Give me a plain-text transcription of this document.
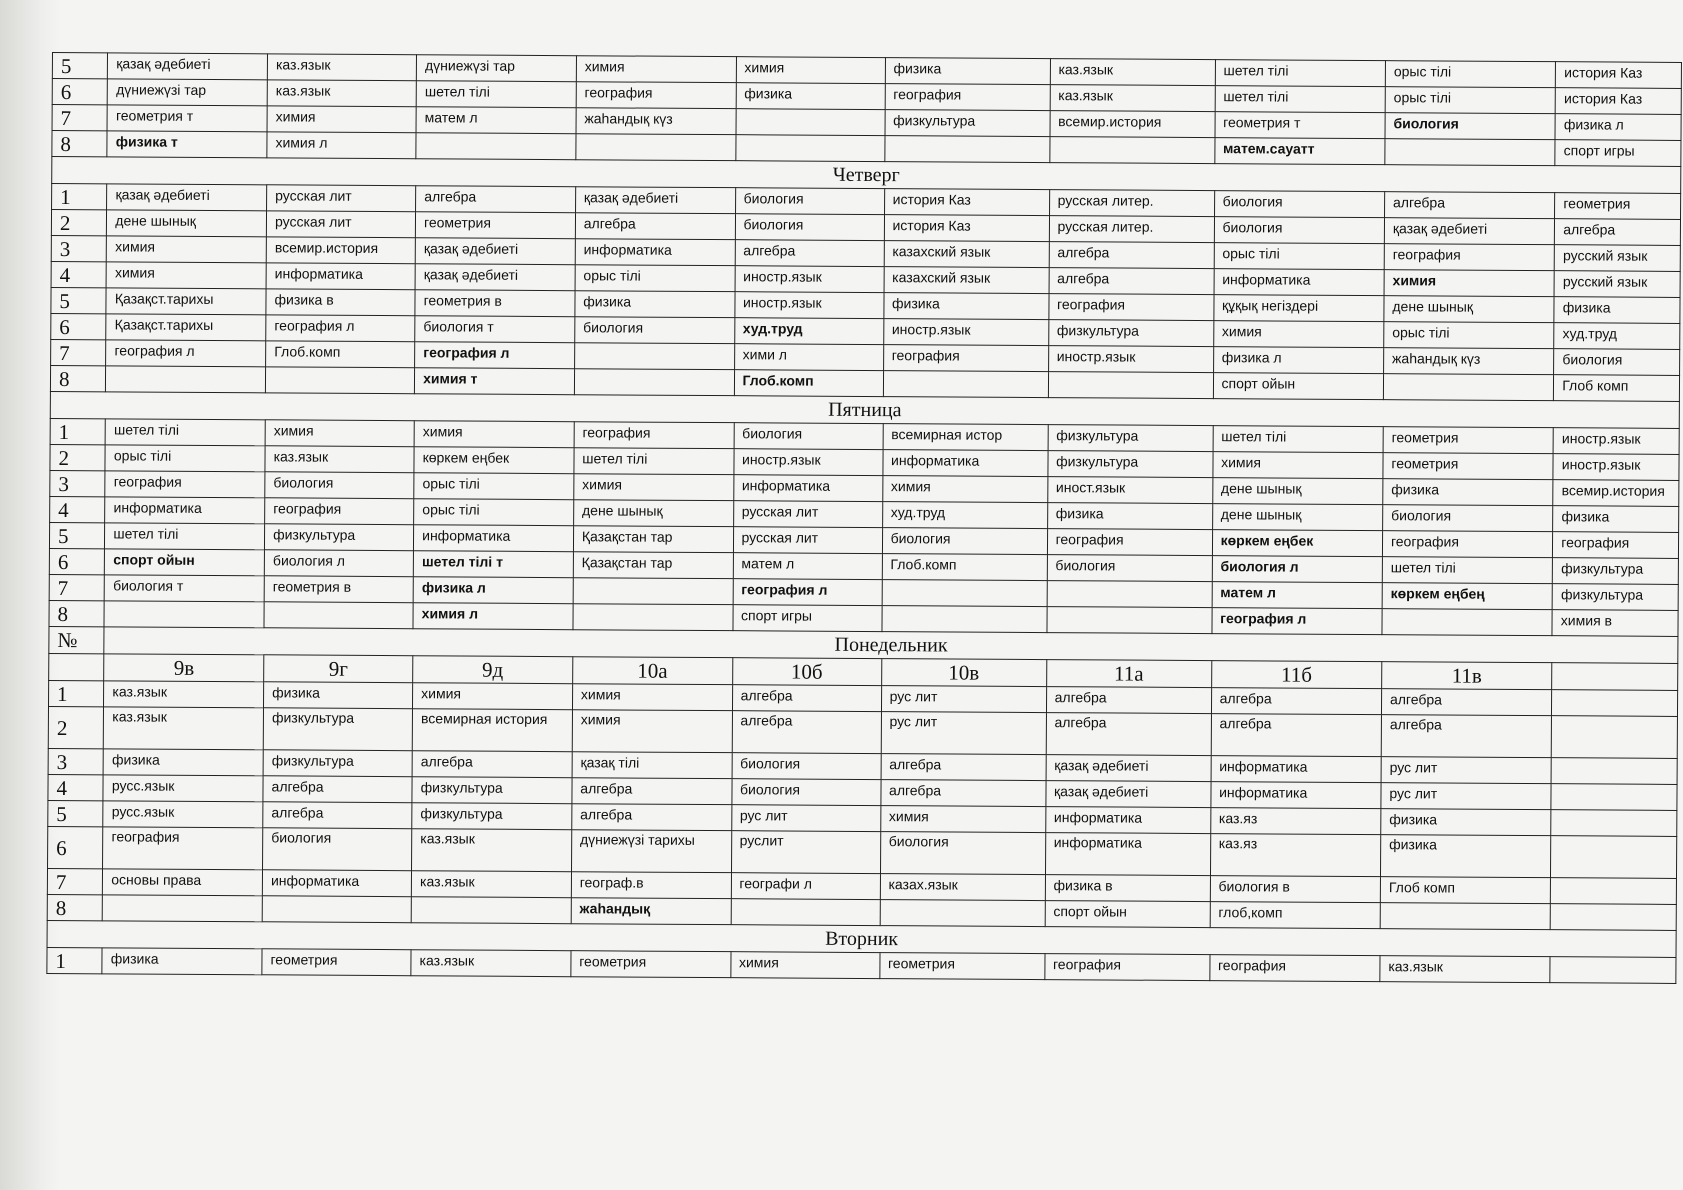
5	қазақ әдебиеті	каз.язык	дүниежүзі тар	химия	химия	физика	каз.язык	шетел тілі	орыс тілі	история Каз
6	дүниежүзі тар	каз.язык	шетел тілі	география	физика	география	каз.язык	шетел тілі	орыс тілі	история Каз
7	геометрия т	химия	матем л	жаһандық күз		физкультура	всемир.история	геометрия т	биология	физика л
8	физика т	химия л						матем.сауатт		спорт игры
Четверг										
1	қазақ әдебиеті	русская лит	алгебра	қазақ әдебиеті	биология	история Каз	русская литер.	биология	алгебра	геометрия
2	дене шынық	русская лит	геометрия	алгебра	биология	история Каз	русская литер.	биология	қазақ әдебиеті	алгебра
3	химия	всемир.история	қазақ әдебиеті	информатика	алгебра	казахский язык	алгебра	орыс тілі	география	русский язык
4	химия	информатика	қазақ әдебиеті	орыс тілі	иностр.язык	казахский язык	алгебра	информатика	химия	русский язык
5	Қазақст.тарихы	физика в	геометрия в	физика	иностр.язык	физика	география	құқық негіздері	дене шынық	физика
6	Қазақст.тарихы	география л	биология т	биология	худ.труд	иностр.язык	физкультура	химия	орыс тілі	худ.труд
7	география л	Глоб.комп	география л		хими л	география	иностр.язык	физика л	жаһандық күз	биология
8			химия т		Глоб.комп			спорт ойын		Глоб комп
Пятница										
1	шетел тілі	химия	химия	география	биология	всемирная истор	физкультура	шетел тілі	геометрия	иностр.язык
2	орыс тілі	каз.язык	көркем еңбек	шетел тілі	иностр.язык	информатика	физкультура	химия	геометрия	иностр.язык
3	география	биология	орыс тілі	химия	информатика	химия	иност.язык	дене шынық	физика	всемир.история
4	информатика	география	орыс тілі	дене шынық	русская лит	худ.труд	физика	дене шынық	биология	физика
5	шетел тілі	физкультура	информатика	Қазақстан тар	русская лит	биология	география	көркем еңбек	география	география
6	спорт ойын	биология л	шетел тілі т	Қазақстан тар	матем л	Глоб.комп	биология	биология л	шетел тілі	физкультура
7	биология т	геометрия в	физика л		география л			матем л	көркем еңбең	физкультура
8			химия л		спорт игры			география л		химия в
№	Понедельник									
	9в	9г	9д	10а	10б	10в	11а	11б	11в	
1	каз.язык	физика	химия	химия	алгебра	рус лит	алгебра	алгебра	алгебра	
2	каз.язык	физкультура	всемирная история	химия	алгебра	рус лит	алгебра	алгебра	алгебра	
3	физика	физкультура	алгебра	қазақ тілі	биология	алгебра	қазақ әдебиеті	информатика	рус лит	
4	русс.язык	алгебра	физкультура	алгебра	биология	алгебра	қазақ әдебиеті	информатика	рус лит	
5	русс.язык	алгебра	физкультура	алгебра	рус лит	химия	информатика	каз.яз	физика	
6	география	биология	каз.язык	дүниежүзі тарихы	руслит	биология	информатика	каз.яз	физика	
7	основы права	информатика	каз.язык	географ.в	географи л	казах.язык	физика в	биология в	Глоб комп	
8				жаһандық			спорт ойын	глоб,комп		
Вторник										
1	физика	геометрия	каз.язык	геометрия	химия	геометрия	география	география	каз.язык	
